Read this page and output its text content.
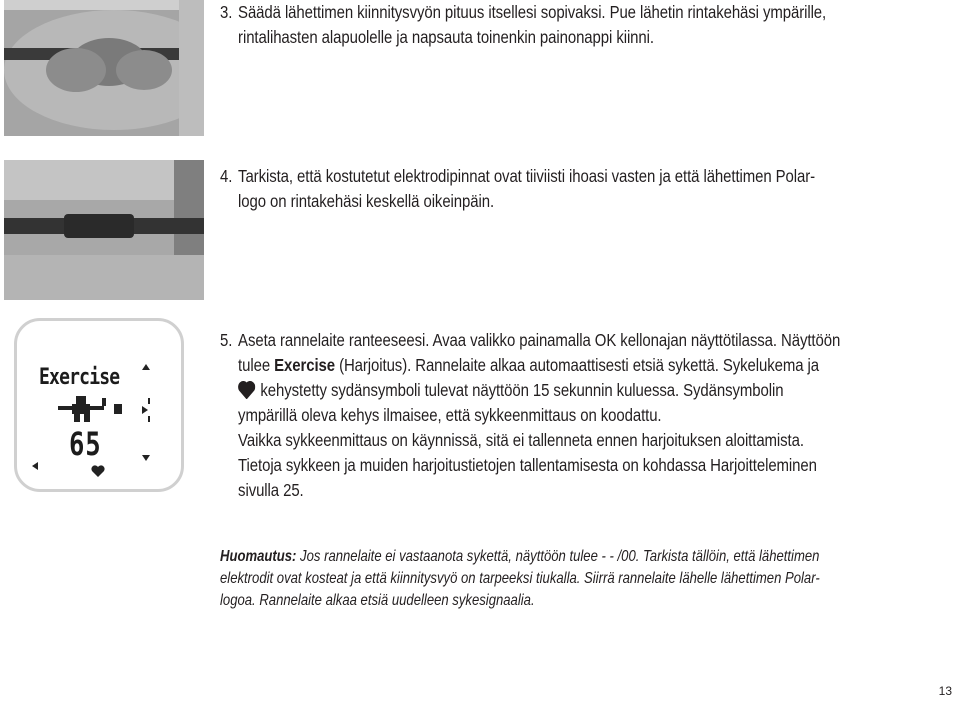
3. Säädä lähettimen kiinnitysvyön pituus itsellesi sopivaksi. Pue lähetin rintakehäsi ympärille,
rintalihasten alapuolelle ja napsauta toinenkin painonappi kiinni.
4. Tarkista, että kostutetut elektrodipinnat ovat tiiviisti ihoasi vasten ja että lähettimen Polar-
logo on rintakehäsi keskellä oikeinpäin.
Exercise
65
5. Aseta rannelaite ranteeseesi. Avaa valikko painamalla OK kellonajan näyttötilassa. Näyttöön
tulee Exercise (Harjoitus). Rannelaite alkaa automaattisesti etsiä sykettä. Sykelukema ja
kehystetty sydänsymboli tulevat näyttöön 15 sekunnin kuluessa. Sydänsymbolin
ympärillä oleva kehys ilmaisee, että sykkeenmittaus on koodattu.
Vaikka sykkeenmittaus on käynnissä, sitä ei tallenneta ennen harjoituksen aloittamista.
Tietoja sykkeen ja muiden harjoitustietojen tallentamisesta on kohdassa Harjoitteleminen
sivulla 25.
Huomautus: Jos rannelaite ei vastaanota sykettä, näyttöön tulee - - /00. Tarkista tällöin, että lähettimen
elektrodit ovat kosteat ja että kiinnitysvyö on tarpeeksi tiukalla. Siirrä rannelaite lähelle lähettimen Polar-
logoa. Rannelaite alkaa etsiä uudelleen sykesignaalia.
13
